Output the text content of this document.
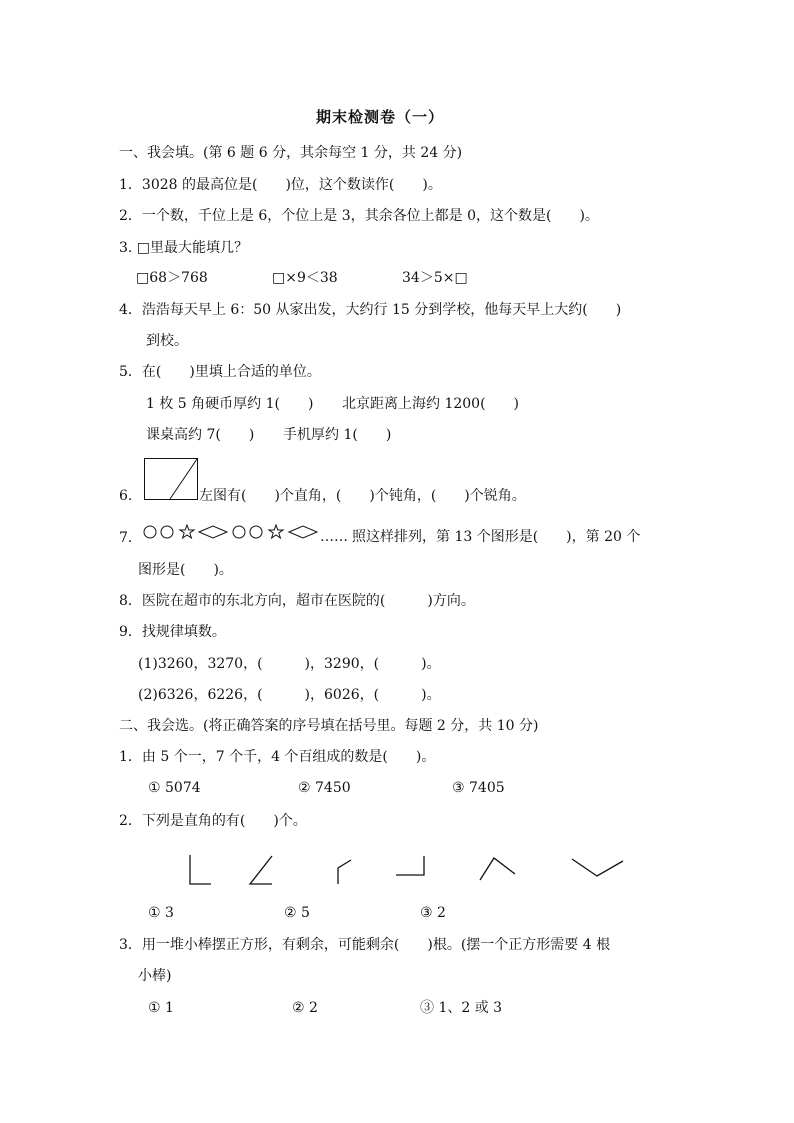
期末检测卷（一）
一、我会填。(第 6 题 6 分，其余每空 1 分，共 24 分)
1．3028 的最高位是(　　)位，这个数读作(　　)。
2．一个数，千位上是 6，个位上是 3，其余各位上都是 0，这个数是(　　)。
3. □里最大能填几？
□68＞768	□×9＜38	34＞5×□
4．浩浩每天早上 6：50 从家出发，大约行 15 分到学校，他每天早上大约(　　)
到校。
5．在(　　)里填上合适的单位。
1 枚 5 角硬币厚约 1(　　) 北京距离上海约 1200(　　)
课桌高约 7(　　) 手机厚约 1(　　)
6.	左图有(　　)个直角，(　　)个钝角，(　　)个锐角。
7.	…… 照这样排列，第 13 个图形是(　　)，第 20 个
图形是(　　)。
8．医院在超市的东北方向，超市在医院的(　　　)方向。
9．找规律填数。
(1)3260，3270，(　　　)，3290，(　　　)。
(2)6326，6226，(　　　)，6026，(　　　)。
二、我会选。(将正确答案的序号填在括号里。每题 2 分，共 10 分)
1．由 5 个一，7 个千，4 个百组成的数是(　　)。
① 5074	② 7450	③ 7405
2．下列是直角的有(　　)个。
① 3	② 5	③ 2
3．用一堆小棒摆正方形，有剩余，可能剩余(　　)根。(摆一个正方形需要 4 根
小棒)
① 1	② 2	③ 1、2 或 3
